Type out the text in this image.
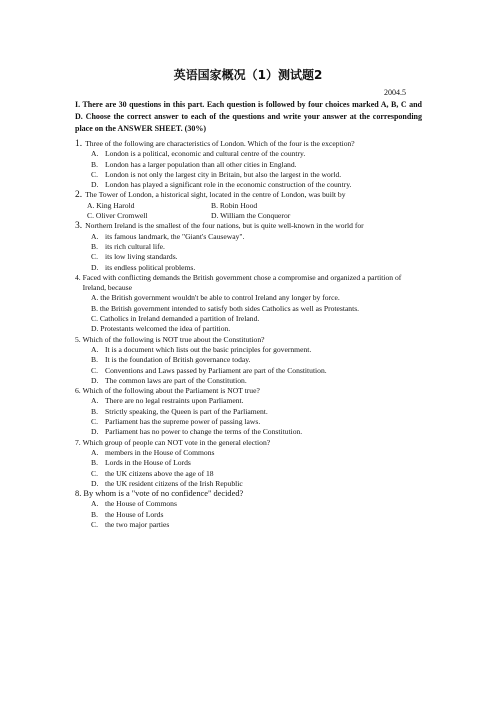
英语国家概况（1）测试题2
2004.5
I. There are 30 questions in this part. Each question is followed by four choices marked A, B, C and D. Choose the correct answer to each of the questions and write your answer at the corresponding place on the ANSWER SHEET. (30%)
1. Three of the following are characteristics of London. Which of the four is the exception?
A. London is a political, economic and cultural centre of the country.
B. London has a larger population than all other cities in England.
C. London is not only the largest city in Britain, but also the largest in the world.
D. London has played a significant role in the economic construction of the country.
2. The Tower of London, a historical sight, located in the centre of London, was built by
A. King Harold	B. Robin Hood
C. Oliver Cromwell	D. William the Conqueror
3. Northern Ireland is the smallest of the four nations, but is quite well-known in the world for
A. its famous landmark, the "Giant's Causeway".
B. its rich cultural life.
C. its low living standards.
D. its endless political problems.
4.
Faced with conflicting demands the British government chose a compromise and organized a partition of Ireland, because
A. the British government wouldn't be able to control Ireland any longer by force.
B. the British government intended to satisfy both sides Catholics as well as Protestants.
C. Catholics in Ireland demanded a partition of Ireland.
D. Protestants welcomed the idea of partition.
5.
Which of the following is NOT true about the Constitution?
A. It is a document which lists out the basic principles for government.
B. It is the foundation of British governance today.
C. Conventions and Laws passed by Parliament are part of the Constitution.
D. The common laws are part of the Constitution.
6.
Which of the following about the Parliament is NOT true?
A. There are no legal restraints upon Parliament.
B. Strictly speaking, the Queen is part of the Parliament.
C. Parliament has the supreme power of passing laws.
D. Parliament has no power to change the terms of the Constitution.
7.
Which group of people can NOT vote in the general election?
A. members in the House of Commons
B. Lords in the House of Lords
C. the UK citizens above the age of 18
D. the UK resident citizens of the Irish Republic
8.
By whom is a "vote of no confidence" decided?
A. the House of Commons
B. the House of Lords
C. the two major parties
